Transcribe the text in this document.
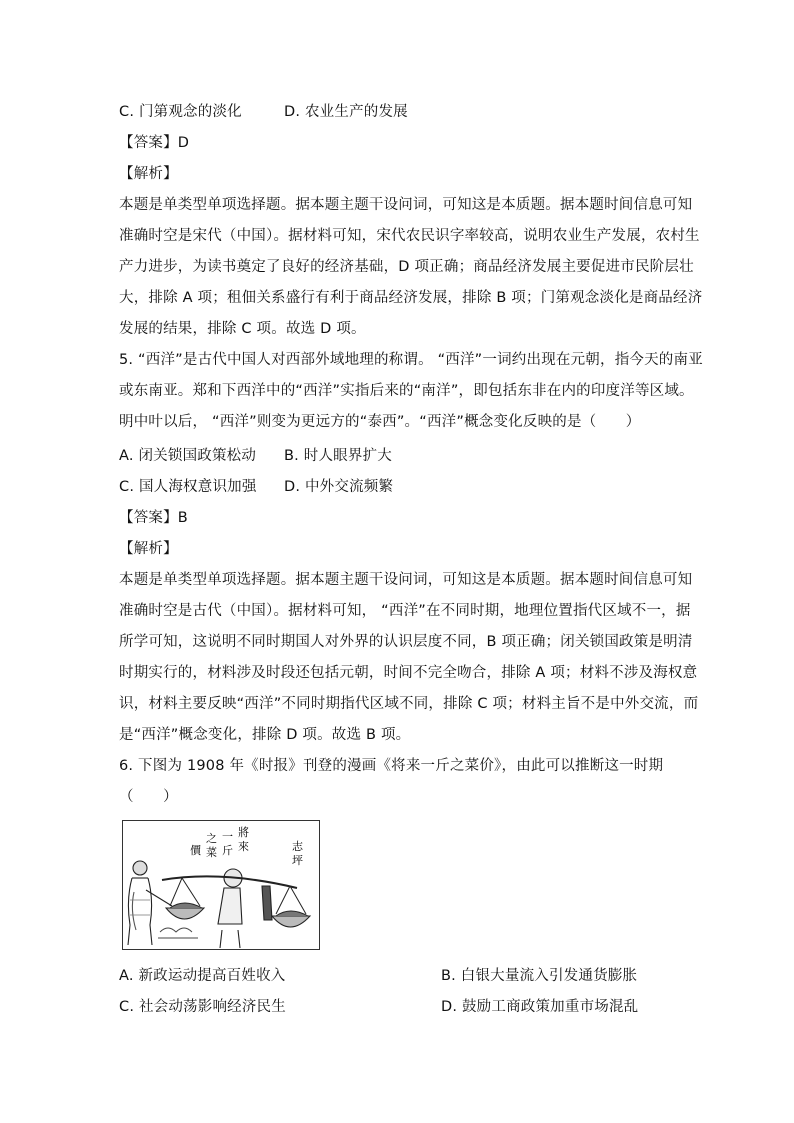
C. 门第观念的淡化	D. 农业生产的发展
【答案】D
【解析】
本题是单类型单项选择题。据本题主题干设问词，可知这是本质题。据本题时间信息可知
准确时空是宋代（中国）。据材料可知，宋代农民识字率较高，说明农业生产发展，农村生
产力进步，为读书奠定了良好的经济基础，D 项正确；商品经济发展主要促进市民阶层壮
大，排除 A 项；租佃关系盛行有利于商品经济发展，排除 B 项；门第观念淡化是商品经济
发展的结果，排除 C 项。故选 D 项。
5. “西洋”是古代中国人对西部外域地理的称谓。 “西洋”一词约出现在元朝，指今天的南亚
或东南亚。郑和下西洋中的“西洋”实指后来的“南洋”，即包括东非在内的印度洋等区域。
明中叶以后， “西洋”则变为更远方的“泰西”。“西洋”概念变化反映的是（　　）
A. 闭关锁国政策松动 B. 时人眼界扩大
C. 国人海权意识加强 D. 中外交流频繁
【答案】B
【解析】
本题是单类型单项选择题。据本题主题干设问词，可知这是本质题。据本题时间信息可知
准确时空是古代（中国）。据材料可知， “西洋”在不同时期，地理位置指代区域不一，据
所学可知，这说明不同时期国人对外界的认识层度不同，B 项正确；闭关锁国政策是明清
时期实行的，材料涉及时段还包括元朝，时间不完全吻合，排除 A 项；材料不涉及海权意
识，材料主要反映“西洋”不同时期指代区域不同，排除 C 项；材料主旨不是中外交流，而
是“西洋”概念变化，排除 D 项。故选 B 项。
6. 下图为 1908 年《时报》刊登的漫画《将来一斤之菜价》，由此可以推断这一时期
（　　）
將
來
一
斤
之
菜
價	志
坪
A. 新政运动提高百姓收入	B. 白银大量流入引发通货膨胀
C. 社会动荡影响经济民生	D. 鼓励工商政策加重市场混乱
